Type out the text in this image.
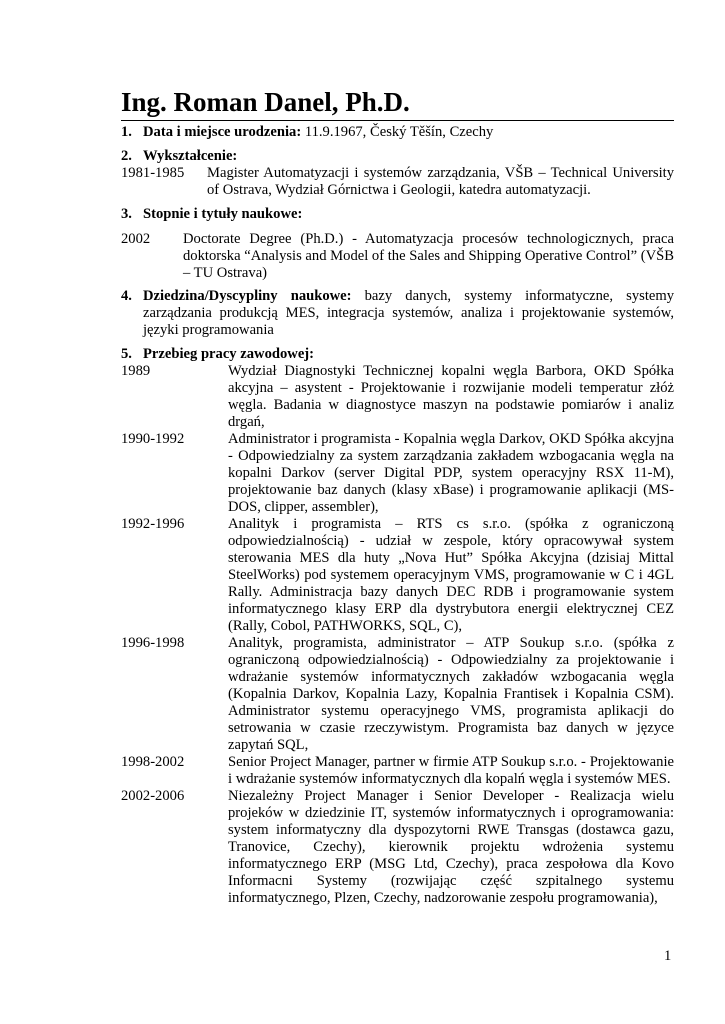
Ing. Roman Danel, Ph.D.
1. Data i miejsce urodzenia: 11.9.1967, Český Těšín, Czechy
2. Wykształcenie:
1981-1985	Magister Automatyzacji i systemów zarządzania, VŠB – Technical University of Ostrava, Wydział Górnictwa i Geologii, katedra automatyzacji.
3. Stopnie i tytuły naukowe:
2002	Doctorate Degree (Ph.D.) - Automatyzacja procesów technologicznych, praca doktorska “Analysis and Model of the Sales and Shipping Operative Control” (VŠB – TU Ostrava)
4. Dziedzina/Dyscypliny naukowe: bazy danych, systemy informatyczne, systemy zarządzania produkcją MES, integracja systemów, analiza i projektowanie systemów, języki programowania
5. Przebieg pracy zawodowej:
1989	Wydział Diagnostyki Technicznej kopalni węgla Barbora, OKD Spółka akcyjna – asystent - Projektowanie i rozwijanie modeli temperatur złóż węgla. Badania w diagnostyce maszyn na podstawie pomiarów i analiz drgań,
1990-1992	Administrator i programista - Kopalnia węgla Darkov, OKD Spółka akcyjna - Odpowiedzialny za system zarządzania zakładem wzbogacania węgla na kopalni Darkov (server Digital PDP, system operacyjny RSX 11-M), projektowanie baz danych (klasy xBase) i programowanie aplikacji (MS-DOS, clipper, assembler),
1992-1996	Analityk i programista – RTS cs s.r.o. (spółka z ograniczoną odpowiedzialnością) - udział w zespole, który opracowywał system sterowania MES dla huty „Nova Hut” Spółka Akcyjna (dzisiaj Mittal SteelWorks) pod systemem operacyjnym VMS, programowanie w C i 4GL Rally. Administracja bazy danych DEC RDB i programowanie system informatycznego klasy ERP dla dystrybutora energii elektrycznej CEZ (Rally, Cobol, PATHWORKS, SQL, C),
1996-1998	Analityk, programista, administrator – ATP Soukup s.r.o. (spółka z ograniczoną odpowiedzialnością) - Odpowiedzialny za projektowanie i wdrażanie systemów informatycznych zakładów wzbogacania węgla (Kopalnia Darkov, Kopalnia Lazy, Kopalnia Frantisek i Kopalnia CSM). Administrator systemu operacyjnego VMS, programista aplikacji do setrowania w czasie rzeczywistym. Programista baz danych w języce zapytań SQL,
1998-2002	Senior Project Manager, partner w firmie ATP Soukup s.r.o. - Projektowanie i wdrażanie systemów informatycznych dla kopalń węgla i systemów MES.
2002-2006	Niezależny Project Manager i Senior Developer - Realizacja wielu projeków w dziedzinie IT, systemów informatycznych i oprogramowania: system informatyczny dla dyspozytorni RWE Transgas (dostawca gazu, Tranovice, Czechy), kierownik projektu wdrożenia systemu informatycznego ERP (MSG Ltd, Czechy), praca zespołowa dla Kovo Informacni Systemy (rozwijając część szpitalnego systemu informatycznego, Plzen, Czechy, nadzorowanie zespołu programowania),
1
